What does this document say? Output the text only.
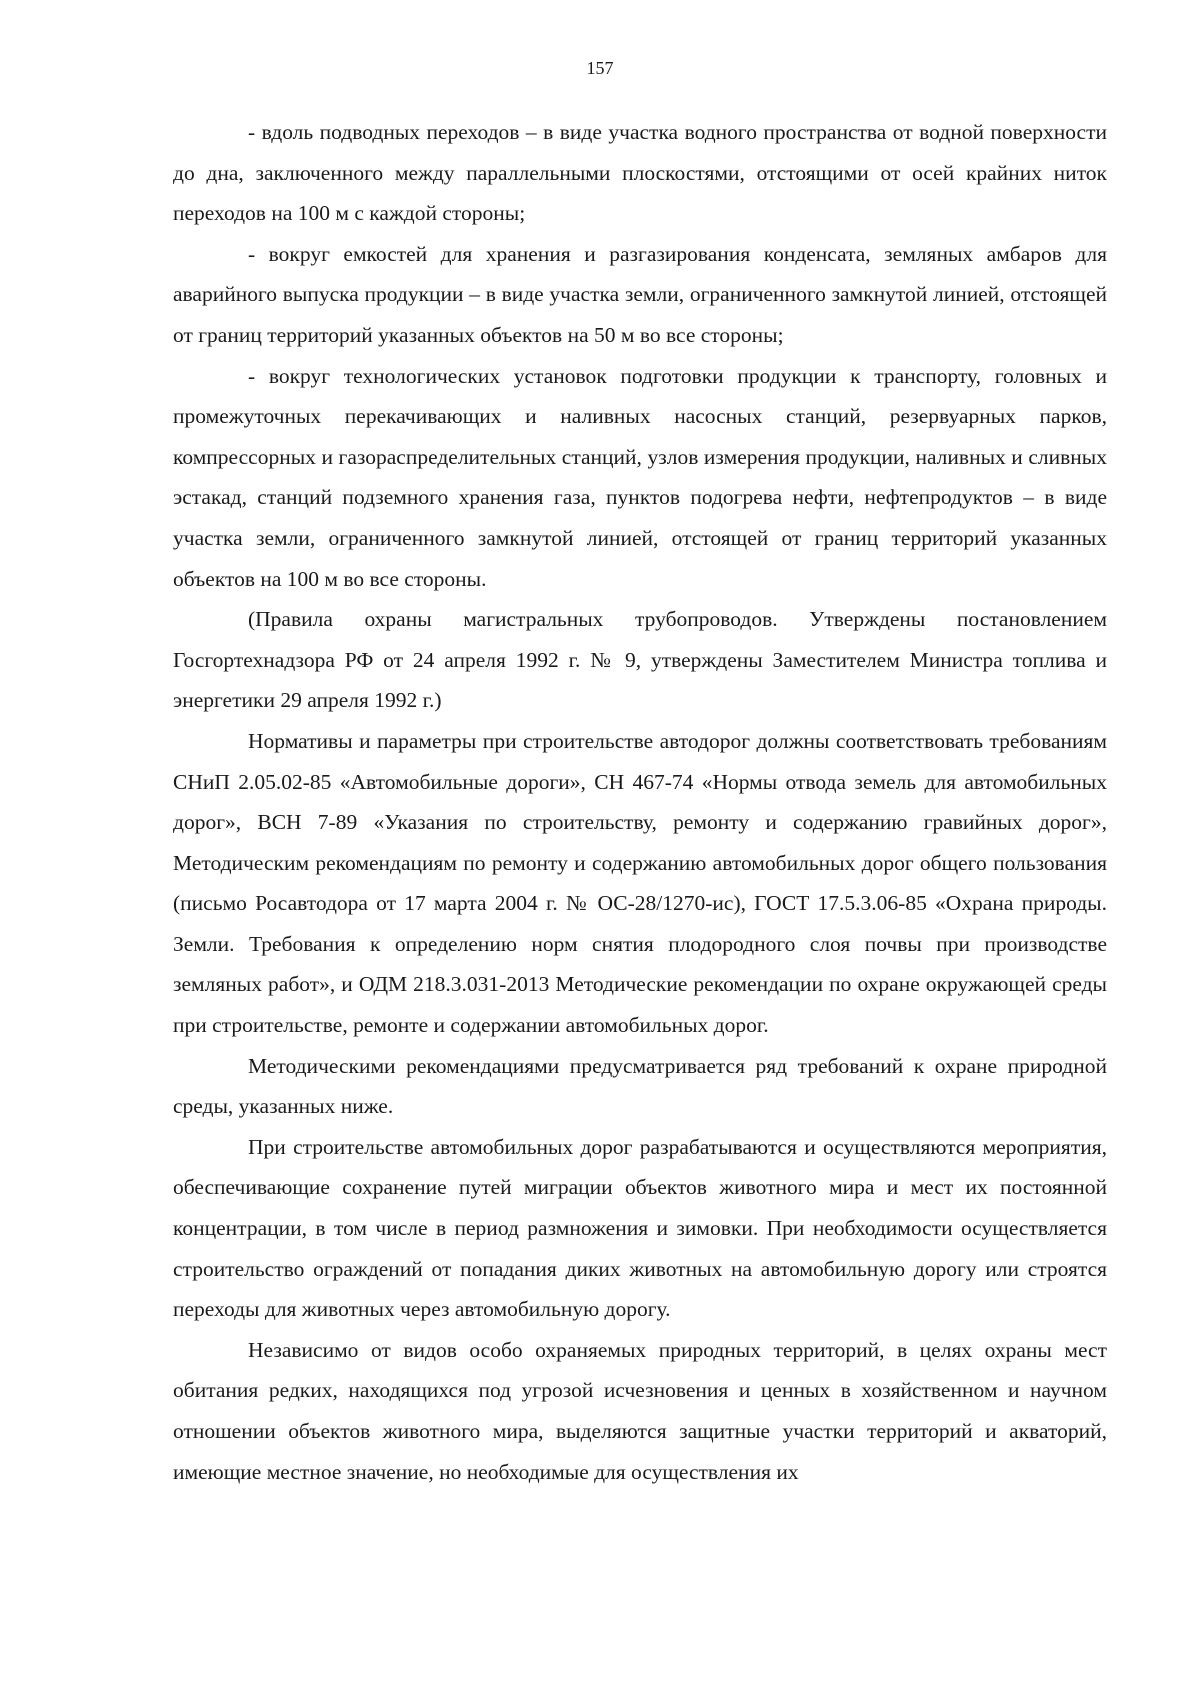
157

- вдоль подводных переходов – в виде участка водного пространства от водной поверхности до дна, заключенного между параллельными плоскостями, отстоящими от осей крайних ниток переходов на 100 м с каждой стороны;

- вокруг емкостей для хранения и разгазирования конденсата, земляных амбаров для аварийного выпуска продукции – в виде участка земли, ограниченного замкнутой линией, отстоящей от границ территорий указанных объектов на 50 м во все стороны;

- вокруг технологических установок подготовки продукции к транспорту, головных и промежуточных перекачивающих и наливных насосных станций, резервуарных парков, компрессорных и газораспределительных станций, узлов измерения продукции, наливных и сливных эстакад, станций подземного хранения газа, пунктов подогрева нефти, нефтепродуктов – в виде участка земли, ограниченного замкнутой линией, отстоящей от границ территорий указанных объектов на 100 м во все стороны.

(Правила охраны магистральных трубопроводов. Утверждены постановлением Госгортехнадзора РФ от 24 апреля 1992 г. № 9, утверждены Заместителем Министра топлива и энергетики 29 апреля 1992 г.)

Нормативы и параметры при строительстве автодорог должны соответствовать требованиям СНиП 2.05.02-85 «Автомобильные дороги», СН 467-74 «Нормы отвода земель для автомобильных дорог», ВСН 7-89 «Указания по строительству, ремонту и содержанию гравийных дорог», Методическим рекомендациям по ремонту и содержанию автомобильных дорог общего пользования (письмо Росавтодора от 17 марта 2004 г. № ОС-28/1270-ис), ГОСТ 17.5.3.06-85 «Охрана природы. Земли. Требования к определению норм снятия плодородного слоя почвы при производстве земляных работ», и ОДМ 218.3.031-2013 Методические рекомендации по охране окружающей среды при строительстве, ремонте и содержании автомобильных дорог.

Методическими рекомендациями предусматривается ряд требований к охране природной среды, указанных ниже.

При строительстве автомобильных дорог разрабатываются и осуществляются мероприятия, обеспечивающие сохранение путей миграции объектов животного мира и мест их постоянной концентрации, в том числе в период размножения и зимовки. При необходимости осуществляется строительство ограждений от попадания диких животных на автомобильную дорогу или строятся переходы для животных через автомобильную дорогу.

Независимо от видов особо охраняемых природных территорий, в целях охраны мест обитания редких, находящихся под угрозой исчезновения и ценных в хозяйственном и научном отношении объектов животного мира, выделяются защитные участки территорий и акваторий, имеющие местное значение, но необходимые для осуществления их
